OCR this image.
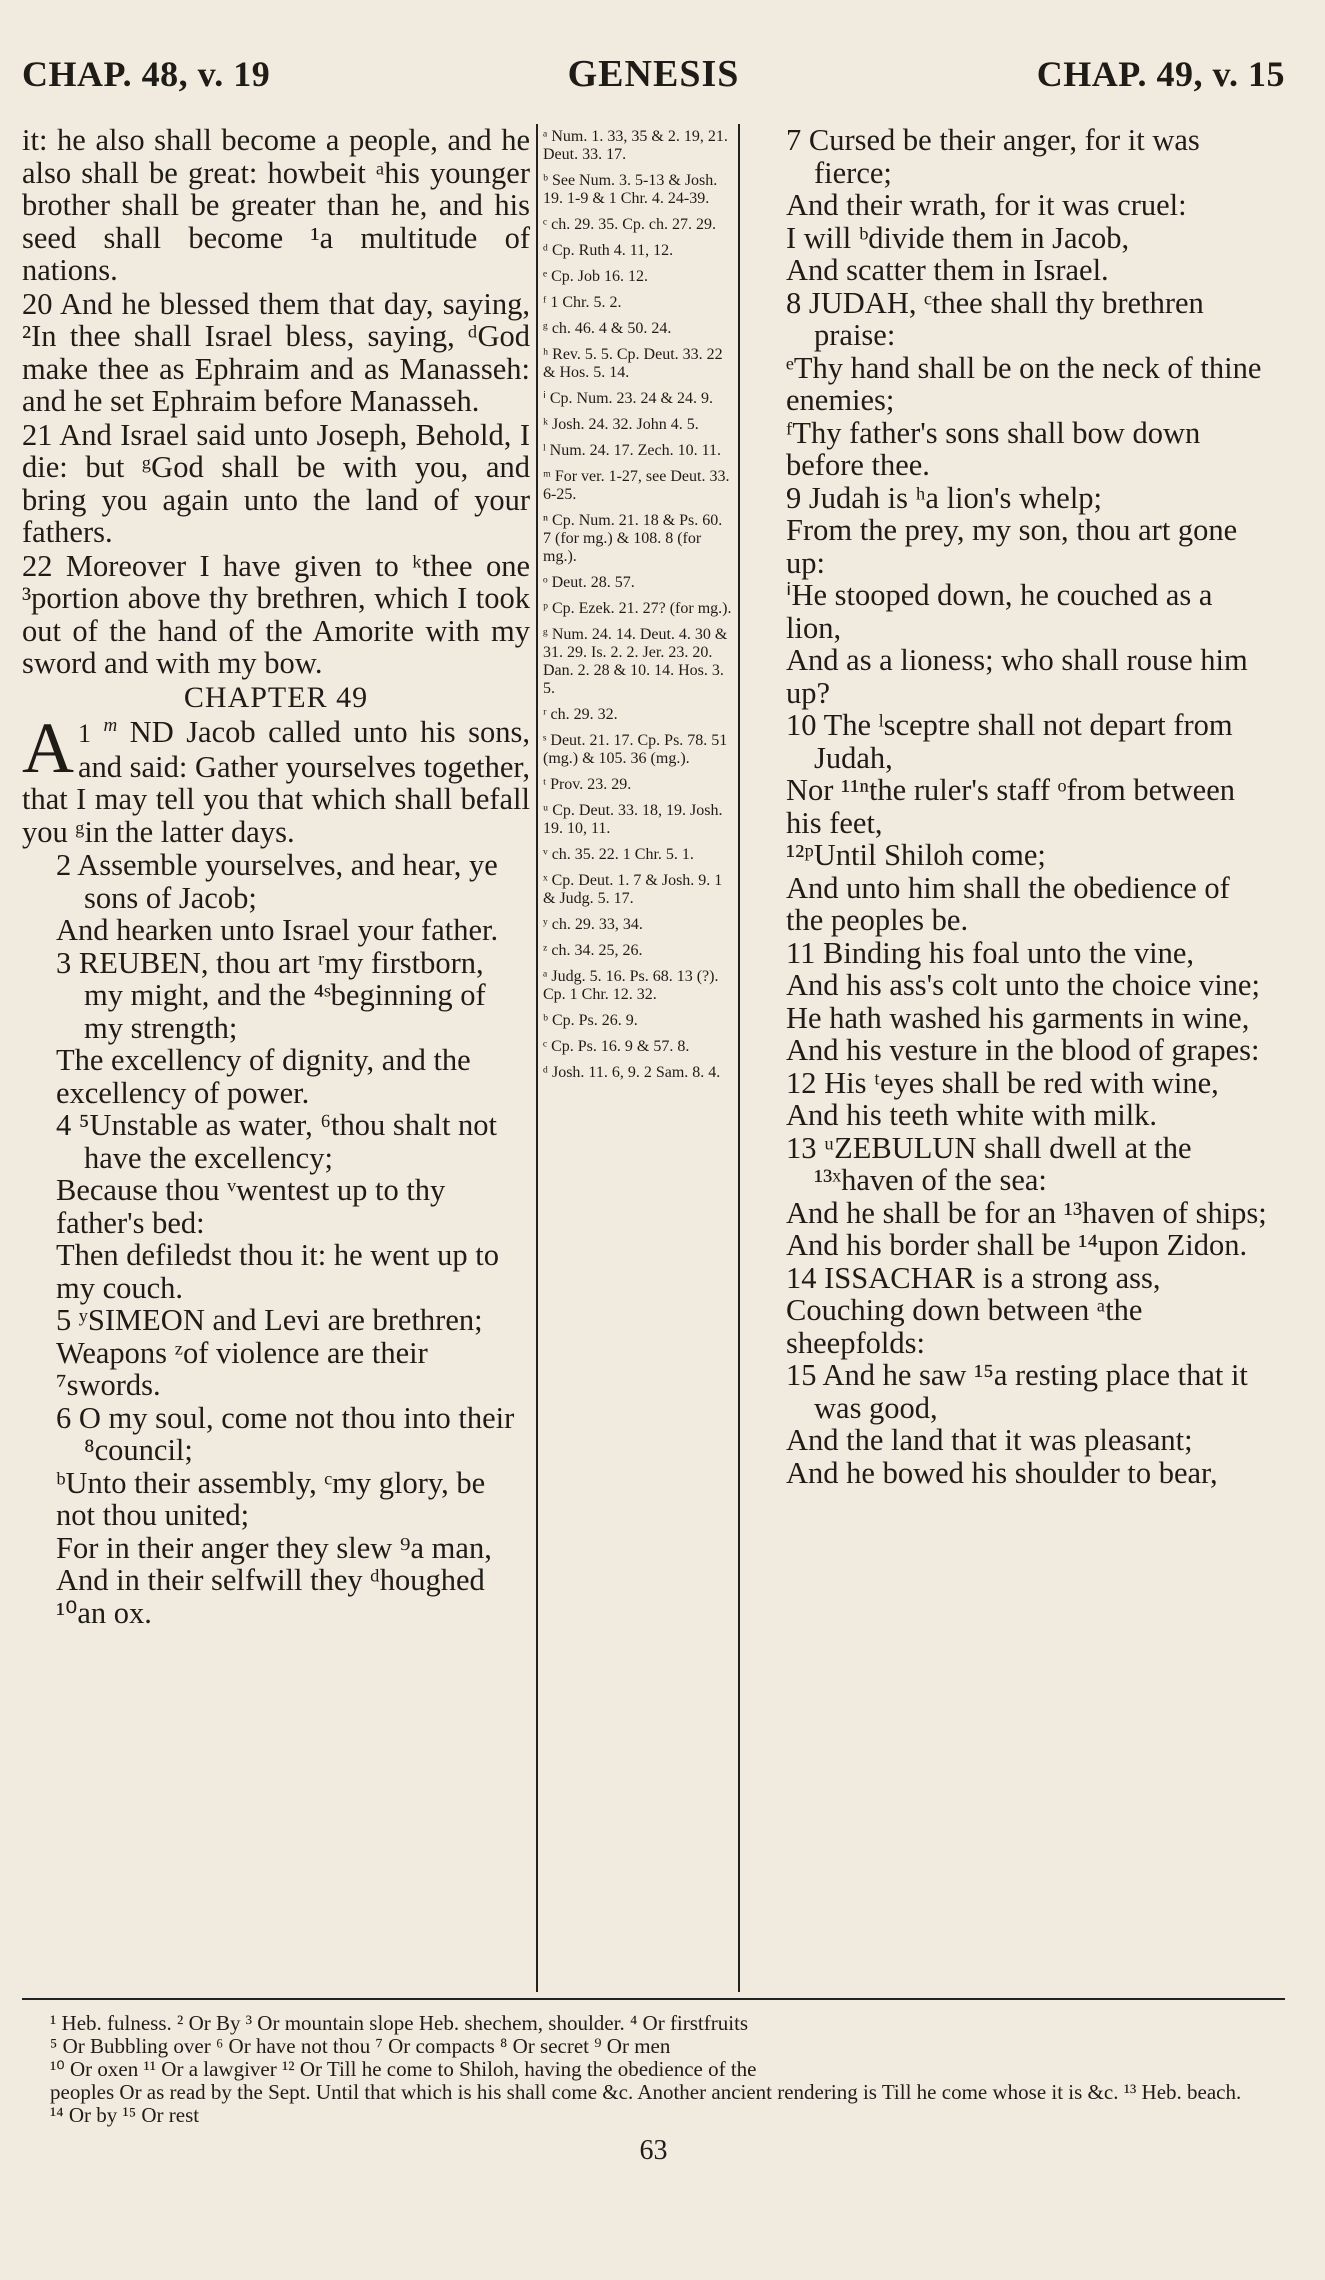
CHAP. 48, v. 19	GENESIS	CHAP. 49, v. 15

it: he also shall become a people, and he also shall be great: howbeit ᵃhis younger brother shall be greater than he, and his seed shall become ¹a multitude of nations.

20 And he blessed them that day, saying, ²In thee shall Israel bless, saying, ᵈGod make thee as Ephraim and as Manasseh: and he set Ephraim before Manasseh.

21 And Israel said unto Joseph, Behold, I die: but ᵍGod shall be with you, and bring you again unto the land of your fathers.

22 Moreover I have given to ᵏthee one ³portion above thy brethren, which I took out of the hand of the Amorite with my sword and with my bow.

CHAPTER 49
1 $^m$
A ND Jacob called unto his sons, and said: Gather yourselves together, that I may tell you that which shall befall you ᵍin the latter days.
2 Assemble yourselves, and hear, ye sons of Jacob;
And hearken unto Israel your father.
3 REUBEN, thou art ʳmy firstborn, my might, and the ⁴ˢbeginning of my strength;
The excellency of dignity, and the excellency of power.
4 ⁵Unstable as water, ⁶thou shalt not have the excellency;
Because thou ᵛwentest up to thy father's bed:
Then defiledst thou it: he went up to my couch.
5 ʸSIMEON and Levi are brethren;
Weapons ᶻof violence are their ⁷swords.
6 O my soul, come not thou into their ⁸council;
ᵇUnto their assembly, ᶜmy glory, be not thou united;
For in their anger they slew ⁹a man,
And in their selfwill they ᵈhoughed ¹⁰an ox.
ᵃ Num. 1. 33, 35 & 2. 19, 21. Deut. 33. 17.
ᵇ See Num. 3. 5-13 & Josh. 19. 1-9 & 1 Chr. 4. 24-39.
ᶜ ch. 29. 35. Cp. ch. 27. 29.
ᵈ Cp. Ruth 4. 11, 12.
ᵉ Cp. Job 16. 12.
ᶠ 1 Chr. 5. 2.
ᵍ ch. 46. 4 & 50. 24.
ʰ Rev. 5. 5. Cp. Deut. 33. 22 & Hos. 5. 14.
ⁱ Cp. Num. 23. 24 & 24. 9.
ᵏ Josh. 24. 32. John 4. 5.
ˡ Num. 24. 17. Zech. 10. 11.
ᵐ For ver. 1-27, see Deut. 33. 6-25.
ⁿ Cp. Num. 21. 18 & Ps. 60. 7 (for mg.) & 108. 8 (for mg.).
ᵒ Deut. 28. 57.
ᵖ Cp. Ezek. 21. 27? (for mg.).
ᵍ Num. 24. 14. Deut. 4. 30 & 31. 29. Is. 2. 2. Jer. 23. 20. Dan. 2. 28 & 10. 14. Hos. 3. 5.
ʳ ch. 29. 32.
ˢ Deut. 21. 17. Cp. Ps. 78. 51 (mg.) & 105. 36 (mg.).
ᵗ Prov. 23. 29.
ᵘ Cp. Deut. 33. 18, 19. Josh. 19. 10, 11.
ᵛ ch. 35. 22. 1 Chr. 5. 1.
ˣ Cp. Deut. 1. 7 & Josh. 9. 1 & Judg. 5. 17.
ʸ ch. 29. 33, 34.
ᶻ ch. 34. 25, 26.
ᵃ Judg. 5. 16. Ps. 68. 13 (?). Cp. 1 Chr. 12. 32.
ᵇ Cp. Ps. 26. 9.
ᶜ Cp. Ps. 16. 9 & 57. 8.
ᵈ Josh. 11. 6, 9. 2 Sam. 8. 4.
7 Cursed be their anger, for it was fierce;
And their wrath, for it was cruel:
I will ᵇdivide them in Jacob,
And scatter them in Israel.
8 JUDAH, ᶜthee shall thy brethren praise:
ᵉThy hand shall be on the neck of thine enemies;
ᶠThy father's sons shall bow down before thee.
9 Judah is ʰa lion's whelp;
From the prey, my son, thou art gone up:
ⁱHe stooped down, he couched as a lion,
And as a lioness; who shall rouse him up?
10 The ˡsceptre shall not depart from Judah,
Nor ¹¹ⁿthe ruler's staff ᵒfrom between his feet,
¹²ᵖUntil Shiloh come;
And unto him shall the obedience of the peoples be.
11 Binding his foal unto the vine,
And his ass's colt unto the choice vine;
He hath washed his garments in wine,
And his vesture in the blood of grapes:
12 His ᵗeyes shall be red with wine,
And his teeth white with milk.
13 ᵘZEBULUN shall dwell at the ¹³ˣhaven of the sea:
And he shall be for an ¹³haven of ships;
And his border shall be ¹⁴upon Zidon.
14 ISSACHAR is a strong ass,
Couching down between ᵃthe sheepfolds:
15 And he saw ¹⁵a resting place that it was good,
And the land that it was pleasant;
And he bowed his shoulder to bear,
¹ Heb. fulness. ² Or By ³ Or mountain slope Heb. shechem, shoulder. ⁴ Or firstfruits
⁵ Or Bubbling over ⁶ Or have not thou ⁷ Or compacts ⁸ Or secret ⁹ Or men
¹⁰ Or oxen ¹¹ Or a lawgiver ¹² Or Till he come to Shiloh, having the obedience of the
peoples Or as read by the Sept. Until that which is his shall come &c. Another ancient rendering is Till he come whose it is &c. ¹³ Heb. beach. ¹⁴ Or by ¹⁵ Or rest
63
